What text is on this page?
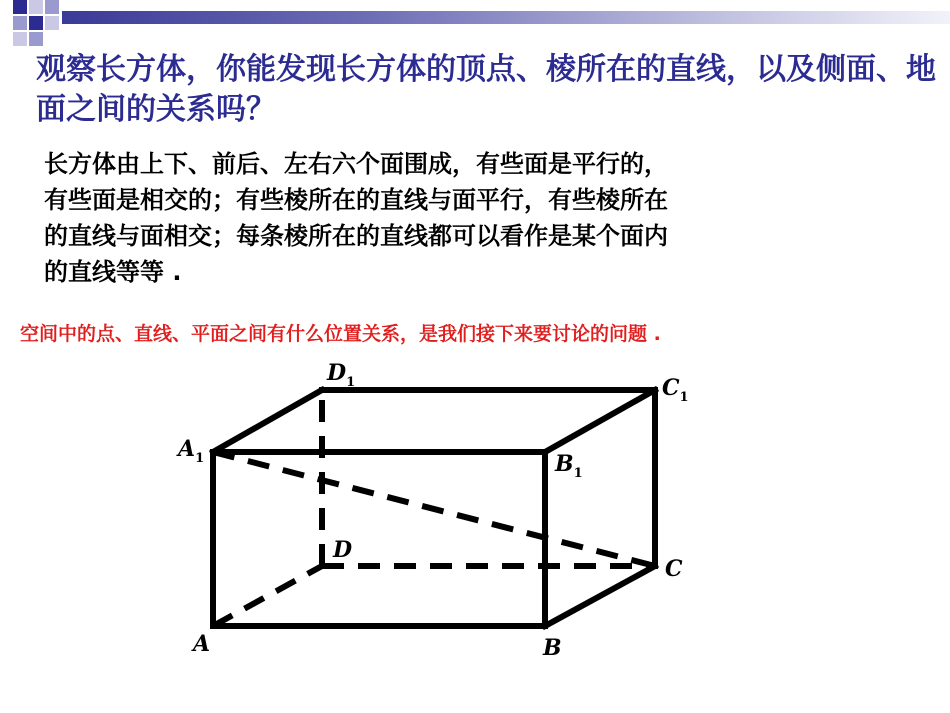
观察长方体，你能发现长方体的顶点、棱所在的直线，以及侧面、地面之间的关系吗？

长方体由上下、前后、左右六个面围成，有些面是平行的，
有些面是相交的；有些棱所在的直线与面平行，有些棱所在
的直线与面相交；每条棱所在的直线都可以看作是某个面内
的直线等等 .

空间中的点、直线、平面之间有什么位置关系，是我们接下来要讨论的问题 .

A	B
C
D
$A_1$	$B_1$
$C_1$
$D_1$
